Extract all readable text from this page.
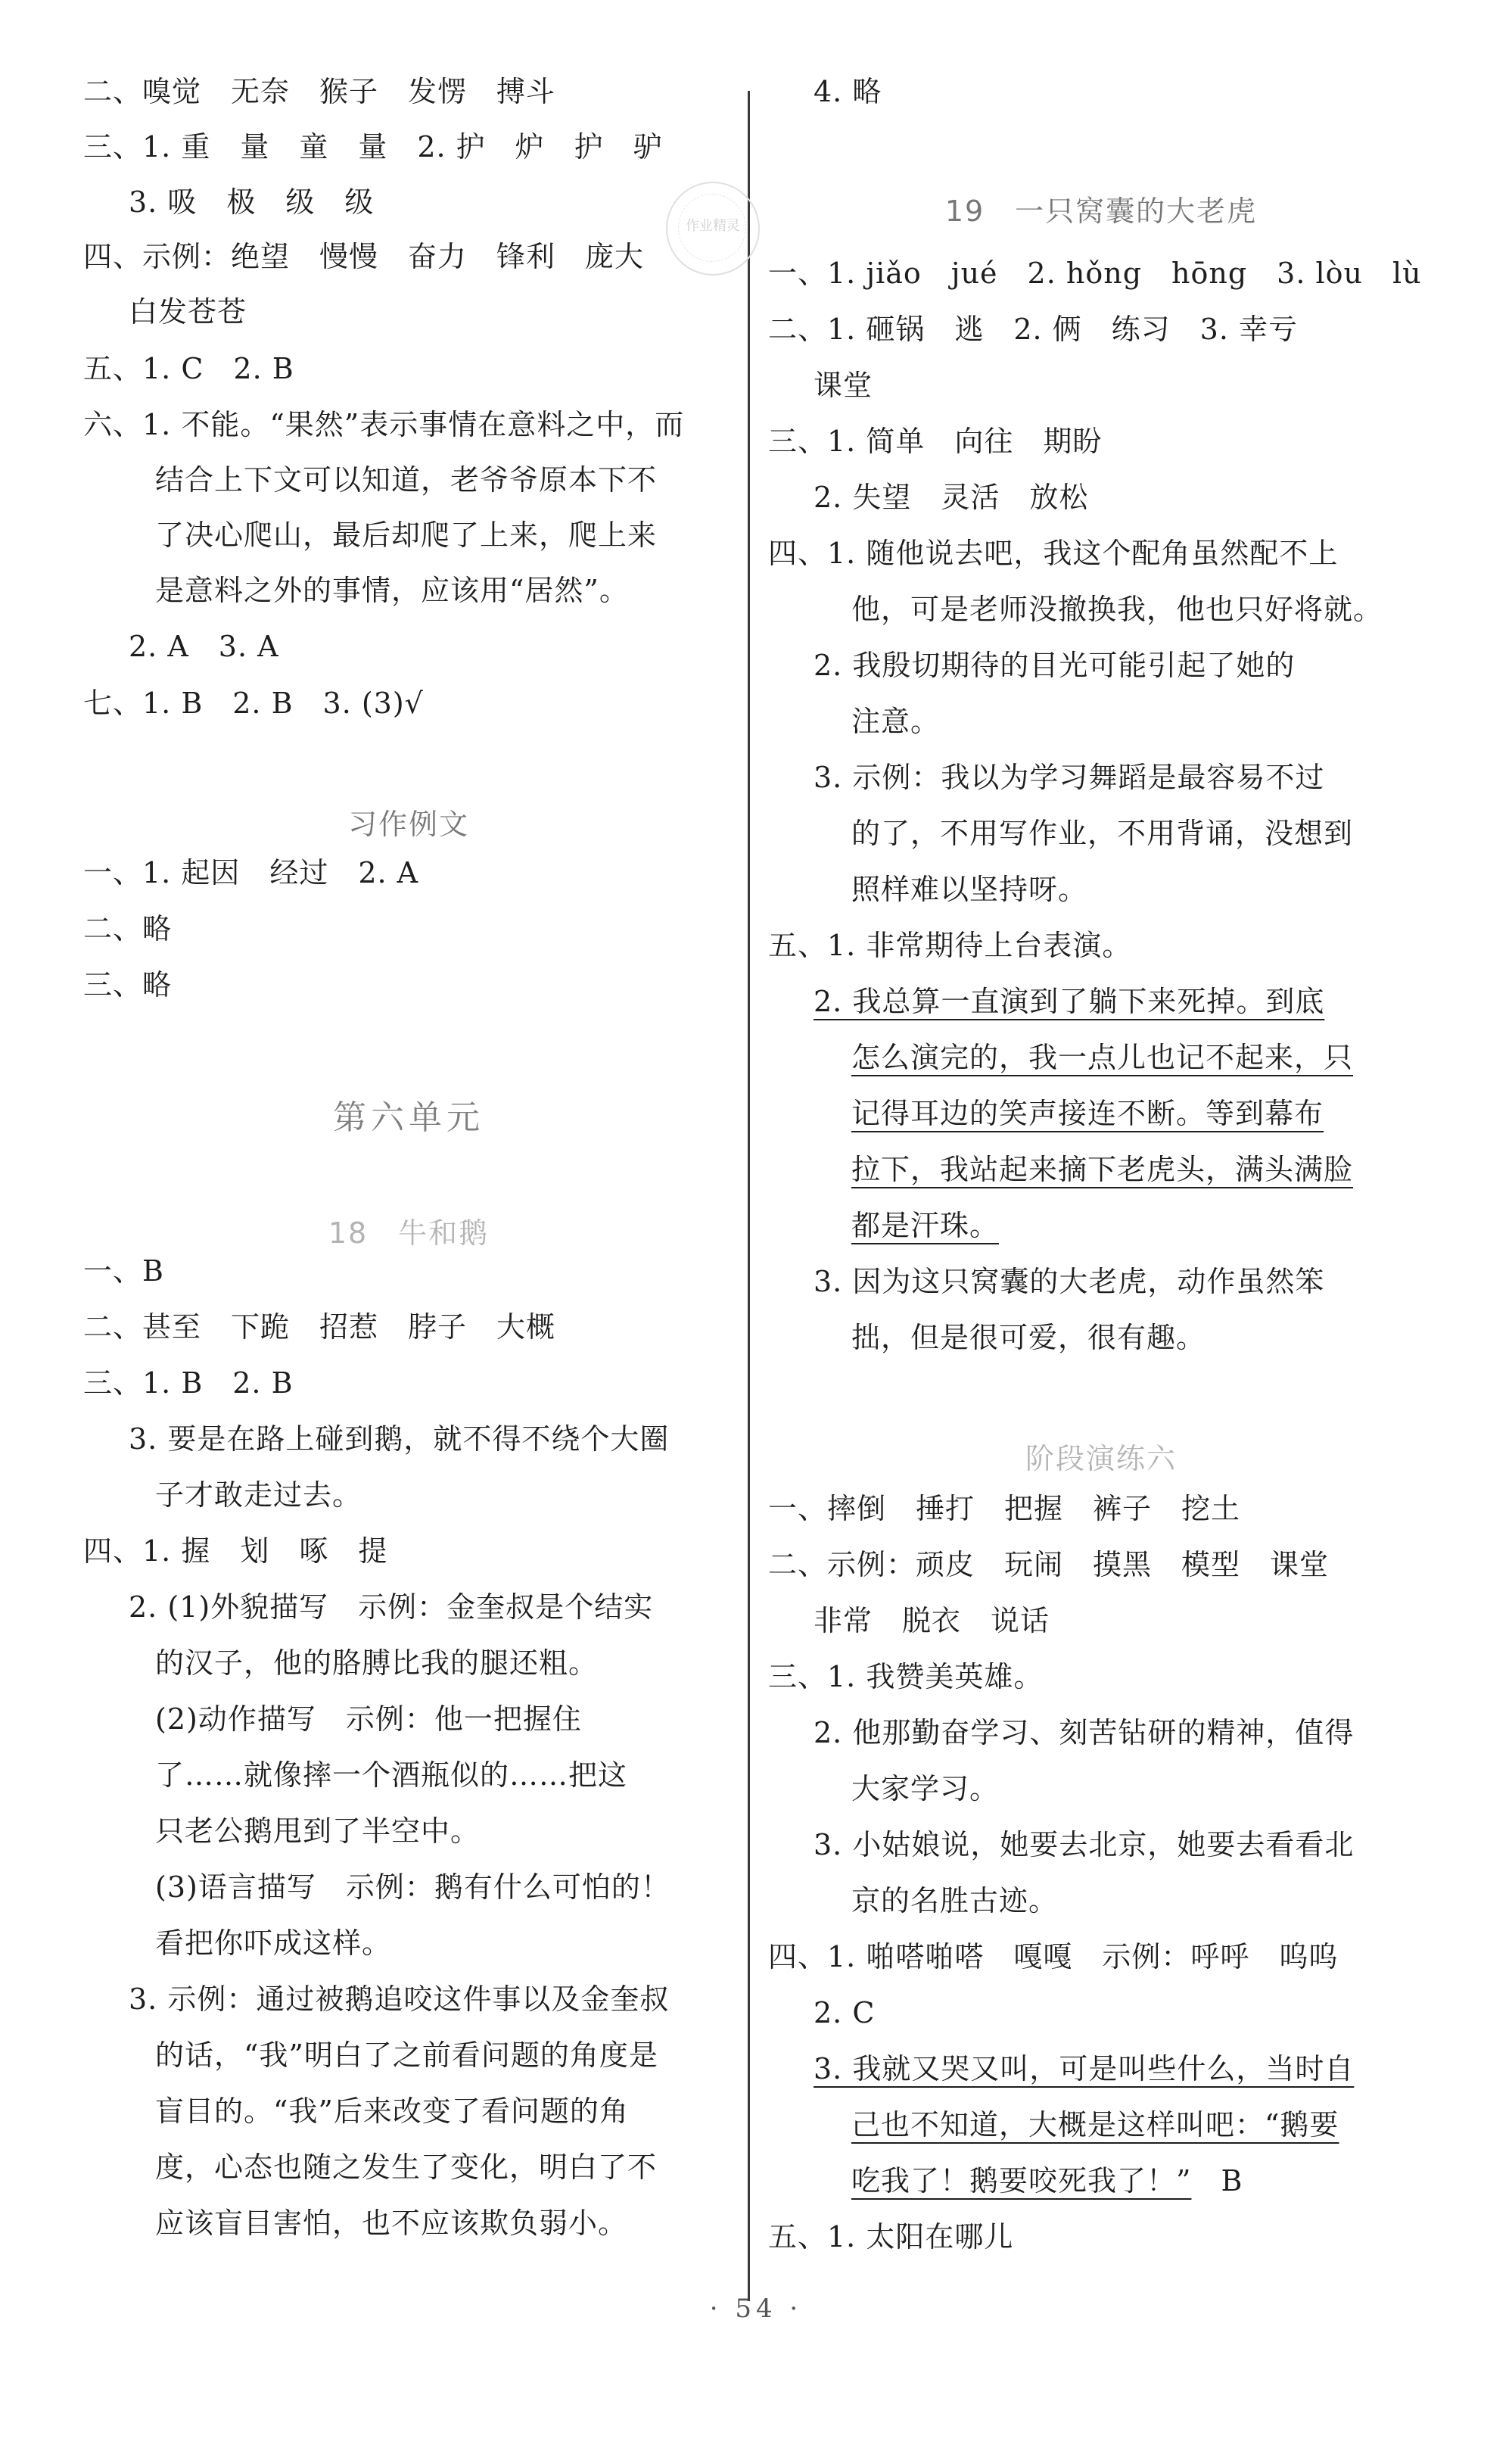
习作例文
第六单元
18　牛和鹅
二、嗅觉　无奈　猴子　发愣　搏斗
三、1. 重　量　童　量　2. 护　炉　护　驴
3. 吸　极　级　级
四、示例：绝望　慢慢　奋力　锋利　庞大
白发苍苍
五、1. C　2. B
六、1. 不能。“果然”表示事情在意料之中，而
结合上下文可以知道，老爷爷原本下不
了决心爬山，最后却爬了上来，爬上来
是意料之外的事情，应该用“居然”。
2. A　3. A
七、1. B　2. B　3. (3)√
一、1. 起因　经过　2. A
二、略
三、略
一、B
二、甚至　下跪　招惹　脖子　大概
三、1. B　2. B
3. 要是在路上碰到鹅，就不得不绕个大圈
子才敢走过去。
四、1. 握　划　啄　提
2. (1)外貌描写　示例：金奎叔是个结实
的汉子，他的胳膊比我的腿还粗。
(2)动作描写　示例：他一把握住
了……就像摔一个酒瓶似的……把这
只老公鹅甩到了半空中。
(3)语言描写　示例：鹅有什么可怕的！
看把你吓成这样。
3. 示例：通过被鹅追咬这件事以及金奎叔
的话，“我”明白了之前看问题的角度是
盲目的。“我”后来改变了看问题的角
度，心态也随之发生了变化，明白了不
应该盲目害怕，也不应该欺负弱小。
19　一只窝囊的大老虎
阶段演练六
4. 略
一、1. jiǎo　jué　2. hǒng　hōng　3. lòu　lù
二、1. 砸锅　逃　2. 俩　练习　3. 幸亏
课堂
三、1. 简单　向往　期盼
2. 失望　灵活　放松
四、1. 随他说去吧，我这个配角虽然配不上
他，可是老师没撤换我，他也只好将就。
2. 我殷切期待的目光可能引起了她的
注意。
3. 示例：我以为学习舞蹈是最容易不过
的了，不用写作业，不用背诵，没想到
照样难以坚持呀。
五、1. 非常期待上台表演。
2. 我总算一直演到了躺下来死掉。到底
怎么演完的，我一点儿也记不起来，只
记得耳边的笑声接连不断。等到幕布
拉下，我站起来摘下老虎头，满头满脸
都是汗珠。
3. 因为这只窝囊的大老虎，动作虽然笨
拙，但是很可爱，很有趣。
一、摔倒　捶打　把握　裤子　挖土
二、示例：顽皮　玩闹　摸黑　模型　课堂
非常　脱衣　说话
三、1. 我赞美英雄。
2. 他那勤奋学习、刻苦钻研的精神，值得
大家学习。
3. 小姑娘说，她要去北京，她要去看看北
京的名胜古迹。
四、1. 啪嗒啪嗒　嘎嘎　示例：呼呼　呜呜
2. C
3. 我就又哭又叫，可是叫些什么，当时自
己也不知道，大概是这样叫吧：“鹅要
吃我了！鹅要咬死我了！”　B
五、1. 太阳在哪儿
作业精灵
· 54 ·
